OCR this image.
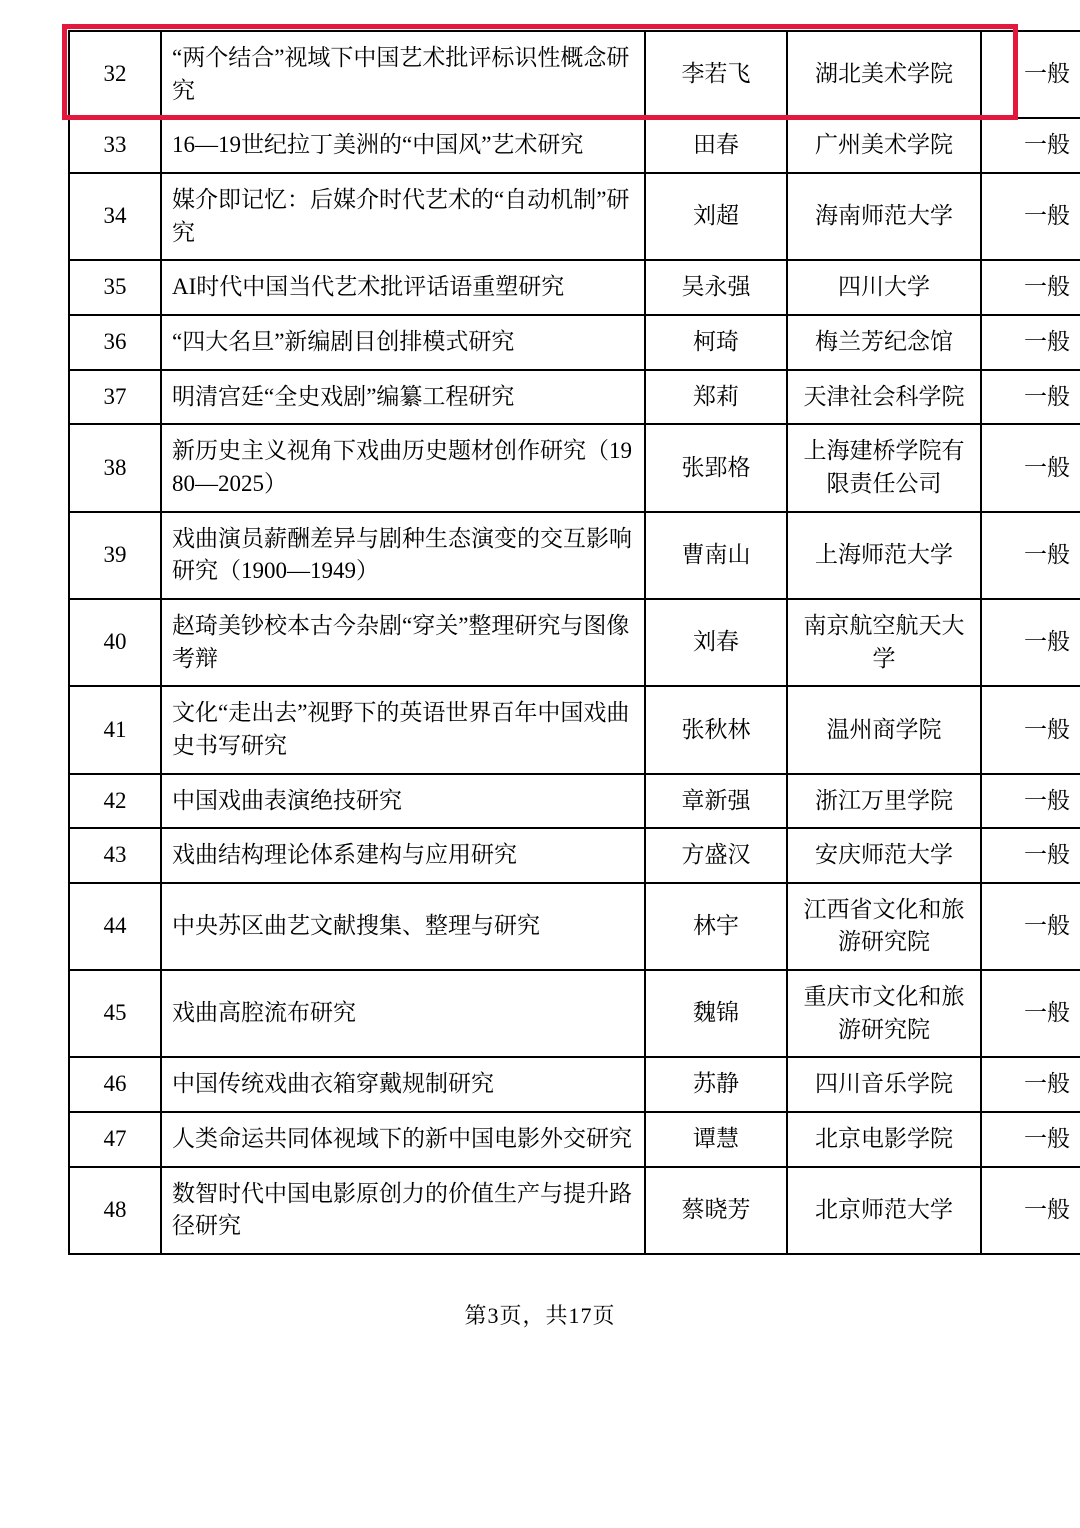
32	“两个结合”视域下中国艺术批评标识性概念研究	李若飞	湖北美术学院	一般
33	16—19世纪拉丁美洲的“中国风”艺术研究	田春	广州美术学院	一般
34	媒介即记忆：后媒介时代艺术的“自动机制”研究	刘超	海南师范大学	一般
35	AI时代中国当代艺术批评话语重塑研究	吴永强	四川大学	一般
36	“四大名旦”新编剧目创排模式研究	柯琦	梅兰芳纪念馆	一般
37	明清宫廷“全史戏剧”编纂工程研究	郑莉	天津社会科学院	一般
38	新历史主义视角下戏曲历史题材创作研究（1980—2025）	张郢格	上海建桥学院有限责任公司	一般
39	戏曲演员薪酬差异与剧种生态演变的交互影响研究（1900—1949）	曹南山	上海师范大学	一般
40	赵琦美钞校本古今杂剧“穿关”整理研究与图像考辩	刘春	南京航空航天大学	一般
41	文化“走出去”视野下的英语世界百年中国戏曲史书写研究	张秋林	温州商学院	一般
42	中国戏曲表演绝技研究	章新强	浙江万里学院	一般
43	戏曲结构理论体系建构与应用研究	方盛汉	安庆师范大学	一般
44	中央苏区曲艺文献搜集、整理与研究	林宇	江西省文化和旅游研究院	一般
45	戏曲高腔流布研究	魏锦	重庆市文化和旅游研究院	一般
46	中国传统戏曲衣箱穿戴规制研究	苏静	四川音乐学院	一般
47	人类命运共同体视域下的新中国电影外交研究	谭慧	北京电影学院	一般
48	数智时代中国电影原创力的价值生产与提升路径研究	蔡晓芳	北京师范大学	一般
第3页，共17页
